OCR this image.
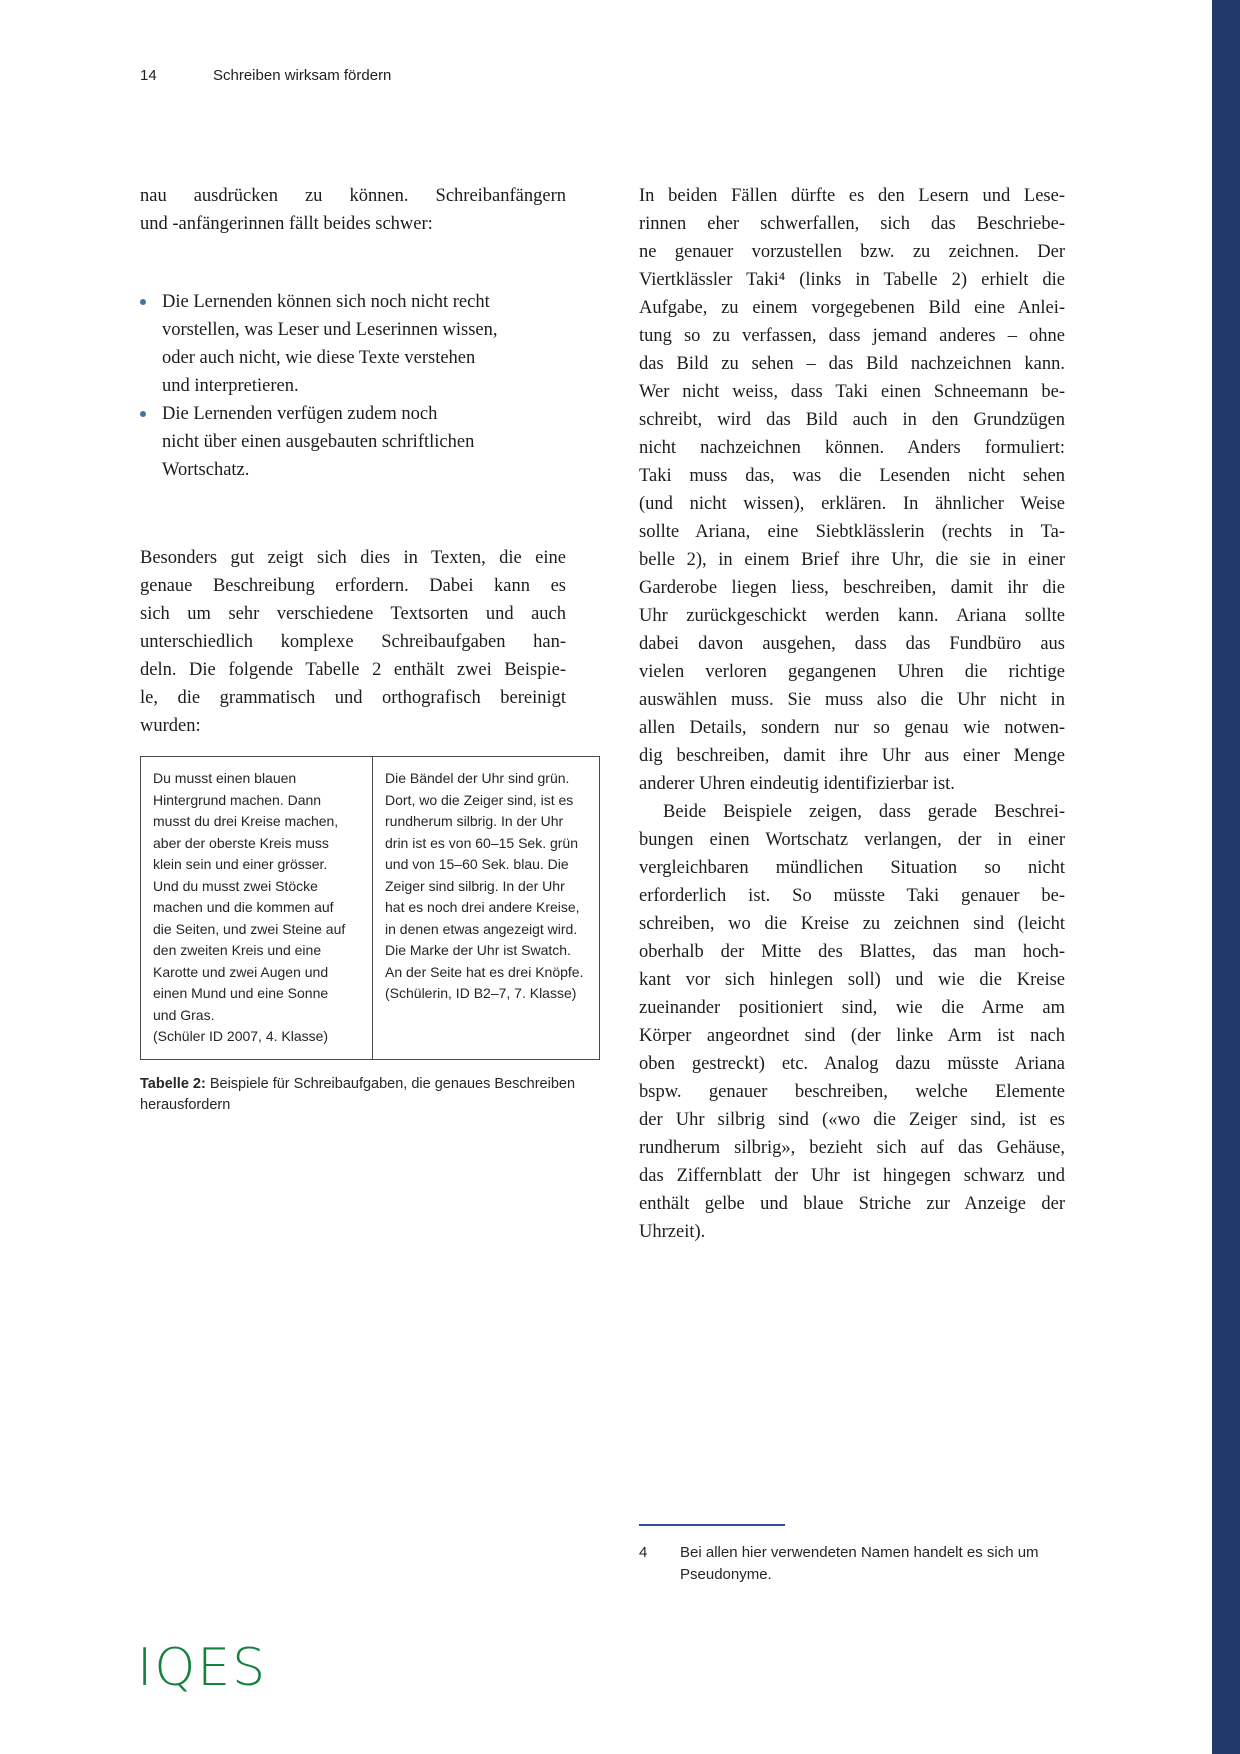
14	Schreiben wirksam fördern
nau ausdrücken zu können. Schreibanfängern
und -anfängerinnen fällt beides schwer:
Die Lernenden können sich noch nicht recht
vorstellen, was Leser und Leserinnen wissen,
oder auch nicht, wie diese Texte verstehen
und interpretieren.
Die Lernenden verfügen zudem noch
nicht über einen ausgebauten schriftlichen
Wortschatz.
Besonders gut zeigt sich dies in Texten, die eine
genaue Beschreibung erfordern. Dabei kann es
sich um sehr verschiedene Textsorten und auch
unterschiedlich komplexe Schreibaufgaben han-
deln. Die folgende Tabelle 2 enthält zwei Beispie-
le, die grammatisch und orthografisch bereinigt
wurden:
Du musst einen blauen
Hintergrund machen. Dann
musst du drei Kreise machen,
aber der oberste Kreis muss
klein sein und einer grösser.
Und du musst zwei Stöcke
machen und die kommen auf
die Seiten, und zwei Steine auf
den zweiten Kreis und eine
Karotte und zwei Augen und
einen Mund und eine Sonne
und Gras.
(Schüler ID 2007, 4. Klasse)
Die Bändel der Uhr sind grün.
Dort, wo die Zeiger sind, ist es
rundherum silbrig. In der Uhr
drin ist es von 60–15 Sek. grün
und von 15–60 Sek. blau. Die
Zeiger sind silbrig. In der Uhr
hat es noch drei andere Kreise,
in denen etwas angezeigt wird.
Die Marke der Uhr ist Swatch.
An der Seite hat es drei Knöpfe.
(Schülerin, ID B2–7, 7. Klasse)
Tabelle 2: Beispiele für Schreibaufgaben, die genaues Beschreiben herausfordern
In beiden Fällen dürfte es den Lesern und Lese-
rinnen eher schwerfallen, sich das Beschriebe-
ne genauer vorzustellen bzw. zu zeichnen. Der
Viertklässler Taki⁴ (links in Tabelle 2) erhielt die
Aufgabe, zu einem vorgegebenen Bild eine Anlei-
tung so zu verfassen, dass jemand anderes – ohne
das Bild zu sehen – das Bild nachzeichnen kann.
Wer nicht weiss, dass Taki einen Schneemann be-
schreibt, wird das Bild auch in den Grundzügen
nicht nachzeichnen können. Anders formuliert:
Taki muss das, was die Lesenden nicht sehen
(und nicht wissen), erklären. In ähnlicher Weise
sollte Ariana, eine Siebtklässlerin (rechts in Ta-
belle 2), in einem Brief ihre Uhr, die sie in einer
Garderobe liegen liess, beschreiben, damit ihr die
Uhr zurückgeschickt werden kann. Ariana sollte
dabei davon ausgehen, dass das Fundbüro aus
vielen verloren gegangenen Uhren die richtige
auswählen muss. Sie muss also die Uhr nicht in
allen Details, sondern nur so genau wie notwen-
dig beschreiben, damit ihre Uhr aus einer Menge
anderer Uhren eindeutig identifizierbar ist.
Beide Beispiele zeigen, dass gerade Beschrei-
bungen einen Wortschatz verlangen, der in einer
vergleichbaren mündlichen Situation so nicht
erforderlich ist. So müsste Taki genauer be-
schreiben, wo die Kreise zu zeichnen sind (leicht
oberhalb der Mitte des Blattes, das man hoch-
kant vor sich hinlegen soll) und wie die Kreise
zueinander positioniert sind, wie die Arme am
Körper angeordnet sind (der linke Arm ist nach
oben gestreckt) etc. Analog dazu müsste Ariana
bspw. genauer beschreiben, welche Elemente
der Uhr silbrig sind («wo die Zeiger sind, ist es
rundherum silbrig», bezieht sich auf das Gehäuse,
das Ziffernblatt der Uhr ist hingegen schwarz und
enthält gelbe und blaue Striche zur Anzeige der
Uhrzeit).
4	Bei allen hier verwendeten Namen handelt es sich um
Pseudonyme.
IQES
